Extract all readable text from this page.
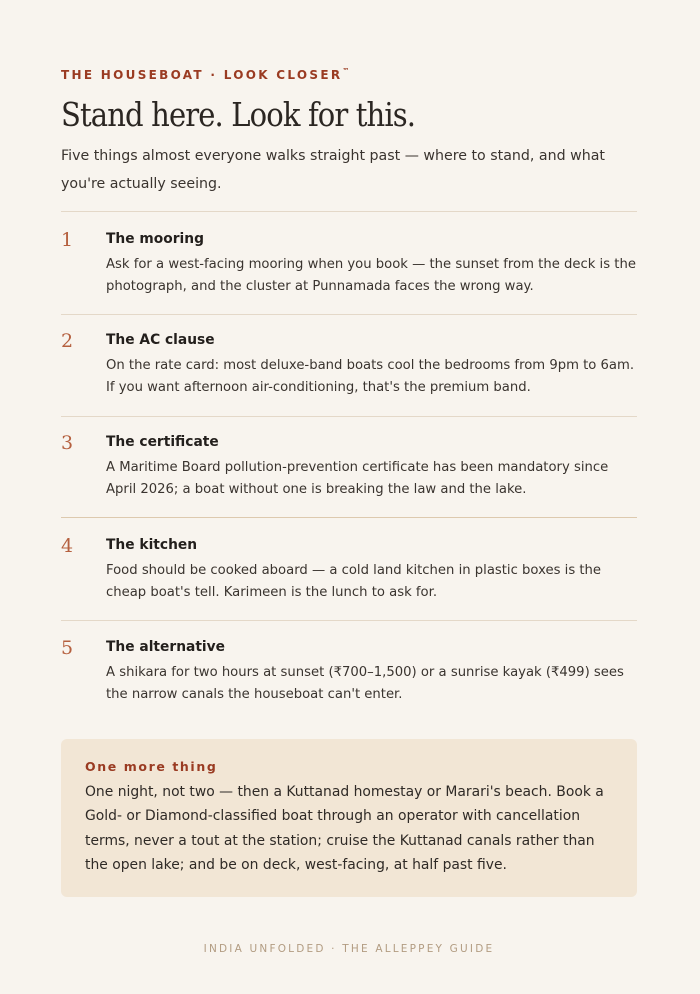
THE HOUSEBOAT · LOOK CLOSER™
Stand here. Look for this.
Five things almost everyone walks straight past — where to stand, and what you're actually seeing.
1 The mooring
Ask for a west-facing mooring when you book — the sunset from the deck is the photograph, and the cluster at Punnamada faces the wrong way.
2 The AC clause
On the rate card: most deluxe-band boats cool the bedrooms from 9pm to 6am. If you want afternoon air-conditioning, that's the premium band.
3 The certificate
A Maritime Board pollution-prevention certificate has been mandatory since April 2026; a boat without one is breaking the law and the lake.
4 The kitchen
Food should be cooked aboard — a cold land kitchen in plastic boxes is the cheap boat's tell. Karimeen is the lunch to ask for.
5 The alternative
A shikara for two hours at sunset (₹700–1,500) or a sunrise kayak (₹499) sees the narrow canals the houseboat can't enter.
One more thing
One night, not two — then a Kuttanad homestay or Marari's beach. Book a Gold- or Diamond-classified boat through an operator with cancellation terms, never a tout at the station; cruise the Kuttanad canals rather than the open lake; and be on deck, west-facing, at half past five.
INDIA UNFOLDED · THE ALLEPPEY GUIDE
